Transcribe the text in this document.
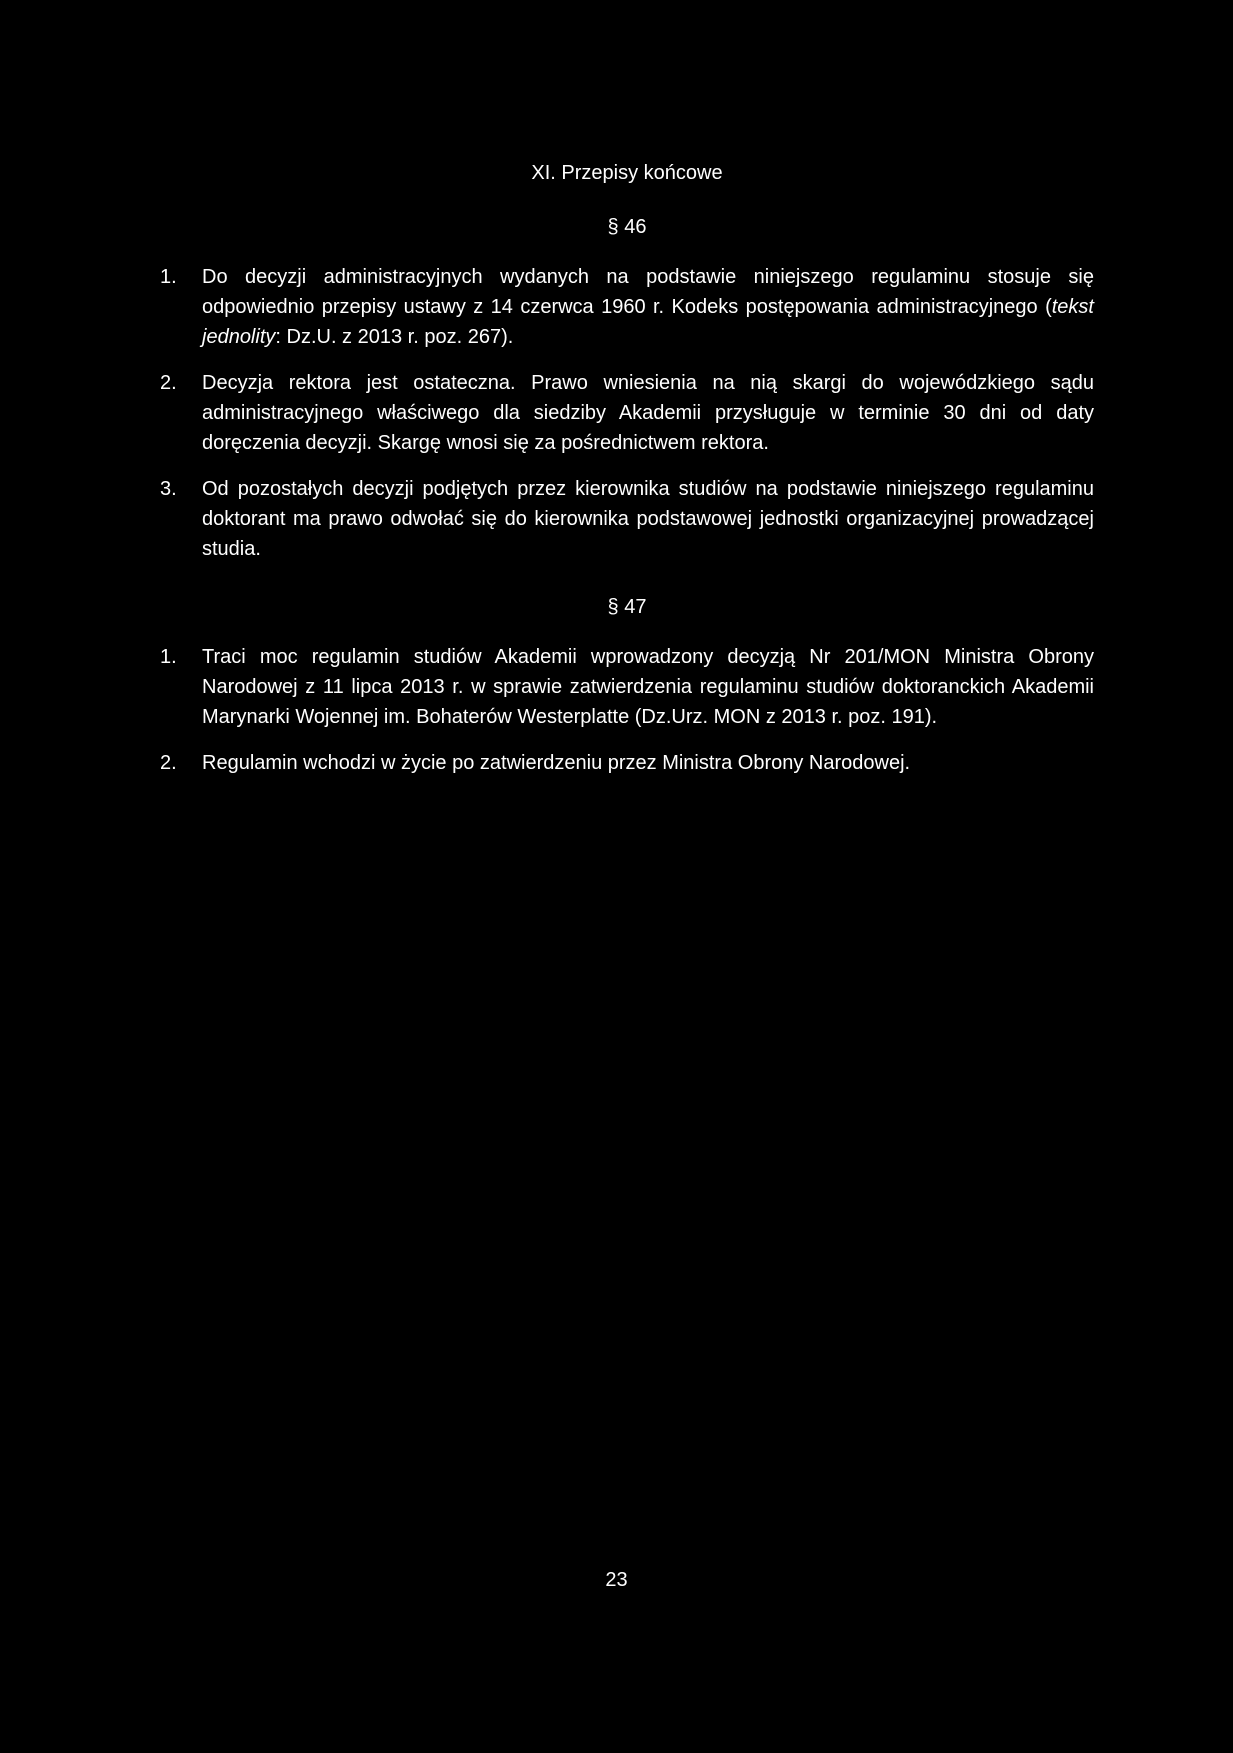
XI. Przepisy końcowe

§ 46

1. Do decyzji administracyjnych wydanych na podstawie niniejszego regulaminu stosuje się odpowiednio przepisy ustawy z 14 czerwca 1960 r. Kodeks postępowania administracyjnego (tekst jednolity: Dz.U. z 2013 r. poz. 267).
2. Decyzja rektora jest ostateczna. Prawo wniesienia na nią skargi do wojewódzkiego sądu administracyjnego właściwego dla siedziby Akademii przysługuje w terminie 30 dni od daty doręczenia decyzji. Skargę wnosi się za pośrednictwem rektora.
3. Od pozostałych decyzji podjętych przez kierownika studiów na podstawie niniejszego regulaminu doktorant ma prawo odwołać się do kierownika podstawowej jednostki organizacyjnej prowadzącej studia.

§ 47

1. Traci moc regulamin studiów Akademii wprowadzony decyzją Nr 201/MON Ministra Obrony Narodowej z 11 lipca 2013 r. w sprawie zatwierdzenia regulaminu studiów doktoranckich Akademii Marynarki Wojennej im. Bohaterów Westerplatte (Dz.Urz. MON z 2013 r. poz. 191).
2. Regulamin wchodzi w życie po zatwierdzeniu przez Ministra Obrony Narodowej.
23
